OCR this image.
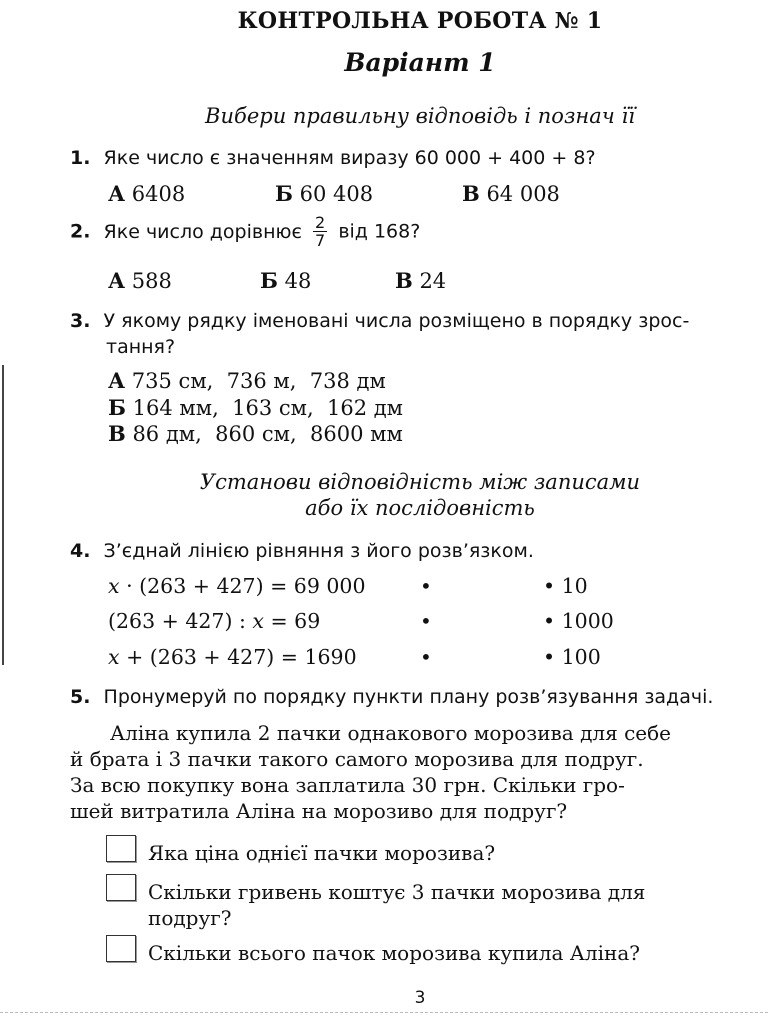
КОНТРОЛЬНА РОБОТА № 1
Варіант 1
Вибери правильну відповідь і познач її
1. Яке число є значенням виразу 60 000 + 400 + 8?
А 6408	Б 60 408	В 64 008
2. Яке число дорівнює $\frac{2}{7}$ від 168?
А 588	Б 48	В 24
3. У якому рядку іменовані числа розміщено в порядку зрос-
тання?
А 735 см,  736 м,  738 дм
Б 164 мм,  163 см,  162 дм
В 86 дм,  860 см,  8600 мм
Установи відповідність між записами
або їх послідовність
4. З’єднай лінією рівняння з його розв’язком.
x · (263 + 427) = 69 000	•	• 10
(263 + 427) : x = 69	•	• 1000
x + (263 + 427) = 1690	•	• 100
5. Пронумеруй по порядку пункти плану розв’язування задачі.
Аліна купила 2 пачки однакового морозива для себе
й брата і 3 пачки такого самого морозива для подруг.
За всю покупку вона заплатила 30 грн. Скільки гро-
шей витратила Аліна на морозиво для подруг?
Яка ціна однієї пачки морозива?
Скільки гривень коштує 3 пачки морозива для
подруг?
Скільки всього пачок морозива купила Аліна?
3
